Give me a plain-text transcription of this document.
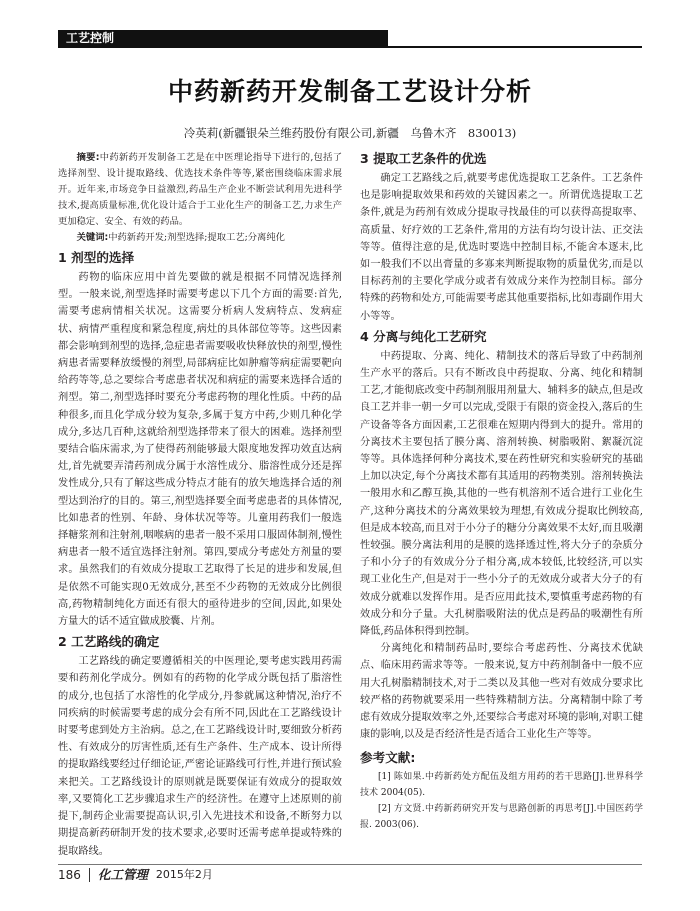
工艺控制
中药新药开发制备工艺设计分析
冷英莉(新疆银朵兰维药股份有限公司,新疆　乌鲁木齐　830013)

摘要:中药新药开发制备工艺是在中医理论指导下进行的,包括了选择剂型、设计提取路线、优选技术条件等等,紧密围绕临床需求展开。近年来,市场竞争日益激烈,药品生产企业不断尝试利用先进科学技术,提高质量标准,优化设计适合于工业化生产的制备工艺,力求生产更加稳定、安全、有效的药品。

关键词:中药新药开发;剂型选择;提取工艺;分离纯化

1 剂型的选择

药物的临床应用中首先要做的就是根据不同情况选择剂型。一般来说,剂型选择时需要考虑以下几个方面的需要:首先,需要考虑病情相关状况。这需要分析病人发病特点、发病症状、病情严重程度和紧急程度,病灶的具体部位等等。这些因素都会影响到剂型的选择,急症患者需要吸收快释放快的剂型,慢性病患者需要释放缓慢的剂型,局部病症比如肿瘤等病症需要靶向给药等等,总之要综合考虑患者状况和病症的需要来选择合适的剂型。第二,剂型选择时要充分考虑药物的理化性质。中药的品种很多,而且化学成分较为复杂,多属于复方中药,少则几种化学成分,多达几百种,这就给剂型选择带来了很大的困难。选择剂型要结合临床需求,为了使得药剂能够最大限度地发挥功效直达病灶,首先就要弄清药剂成分属于水溶性成分、脂溶性成分还是挥发性成分,只有了解这些成分特点才能有的放矢地选择合适的剂型达到治疗的目的。第三,剂型选择要全面考虑患者的具体情况,比如患者的性别、年龄、身体状况等等。儿童用药我们一般选择糖浆剂和注射剂,咽喉病的患者一般不采用口服固体制剂,慢性病患者一般不适宜选择注射剂。第四,要成分考虑处方剂量的要求。虽然我们的有效成分提取工艺取得了长足的进步和发展,但是依然不可能实现0无效成分,甚至不少药物的无效成分比例很高,药物精制纯化方面还有很大的亟待进步的空间,因此,如果处方量大的话不适宜做成胶囊、片剂。

2 工艺路线的确定

工艺路线的确定要遵循相关的中医理论,要考虑实践用药需要和药剂化学成分。例如有的药物的化学成分既包括了脂溶性的成分,也包括了水溶性的化学成分,丹参就属这种情况,治疗不同疾病的时候需要考虑的成分会有所不同,因此在工艺路线设计时要考虑到处方主治病。总之,在工艺路线设计时,要细致分析药性、有效成分的厉害性质,还有生产条件、生产成本、设计所得的提取路线要经过仔细论证,严密论证路线可行性,并进行预试验来把关。工艺路线设计的原则就是既要保证有效成分的提取效率,又要简化工艺步骤追求生产的经济性。在遵守上述原则的前提下,制药企业需要提高认识,引入先进技术和设备,不断努力以期提高新药研制开发的技术要求,必要时还需考虑单提或特殊的提取路线。

3 提取工艺条件的优选

确定工艺路线之后,就要考虑优选提取工艺条件。工艺条件也是影响提取效果和药效的关键因素之一。所谓优选提取工艺条件,就是为药剂有效成分提取寻找最佳的可以获得高提取率、高质量、好疗效的工艺条件,常用的方法有均匀设计法、正交法等等。值得注意的是,优选时要选中控制目标,不能舍本逐末,比如一般我们不以出膏量的多寡来判断提取物的质量优劣,而是以目标药剂的主要化学成分或者有效成分来作为控制目标。部分特殊的药物和处方,可能需要考虑其他重要指标,比如毒副作用大小等等。

4 分离与纯化工艺研究

中药提取、分离、纯化、精制技术的落后导致了中药制剂生产水平的落后。只有不断改良中药提取、分离、纯化和精制工艺,才能彻底改变中药制剂服用剂量大、辅料多的缺点,但是改良工艺并非一朝一夕可以完成,受限于有限的资金投入,落后的生产设备等各方面因素,工艺很难在短期内得到大的提升。常用的分离技术主要包括了膜分离、溶剂转换、树脂吸附、絮凝沉淀等等。具体选择何种分离技术,要在药性研究和实验研究的基础上加以决定,每个分离技术都有其适用的药物类别。溶剂转换法一般用水和乙醇互换,其他的一些有机溶剂不适合进行工业化生产,这种分离技术的分离效果较为理想,有效成分提取比例较高,但是成本较高,而且对于小分子的糖分分离效果不太好,而且吸潮性较强。膜分离法利用的是膜的选择透过性,将大分子的杂质分子和小分子的有效成分分子相分离,成本较低,比较经济,可以实现工业化生产,但是对于一些小分子的无效成分或者大分子的有效成分就难以发挥作用。是否应用此技术,要慎重考虑药物的有效成分和分子量。大孔树脂吸附法的优点是药品的吸潮性有所降低,药品体积得到控制。

分离纯化和精制药品时,要综合考虑药性、分离技术优缺点、临床用药需求等等。一般来说,复方中药剂制备中一般不应用大孔树脂精制技术,对于二类以及其他一些对有效成分要求比较严格的药物就要采用一些特殊精制方法。分离精制中除了考虑有效成分提取效率之外,还要综合考虑对环境的影响,对职工健康的影响,以及是否经济性是否适合工业化生产等等。

参考文献:

[1] 陈如果.中药新药处方配伍及组方用药的若干思路[J].世界科学技术 2004(05).

[2] 方文贤.中药新药研究开发与思路创新的再思考[J].中国医药学报. 2003(06).

186 化工管理 2015年2月
